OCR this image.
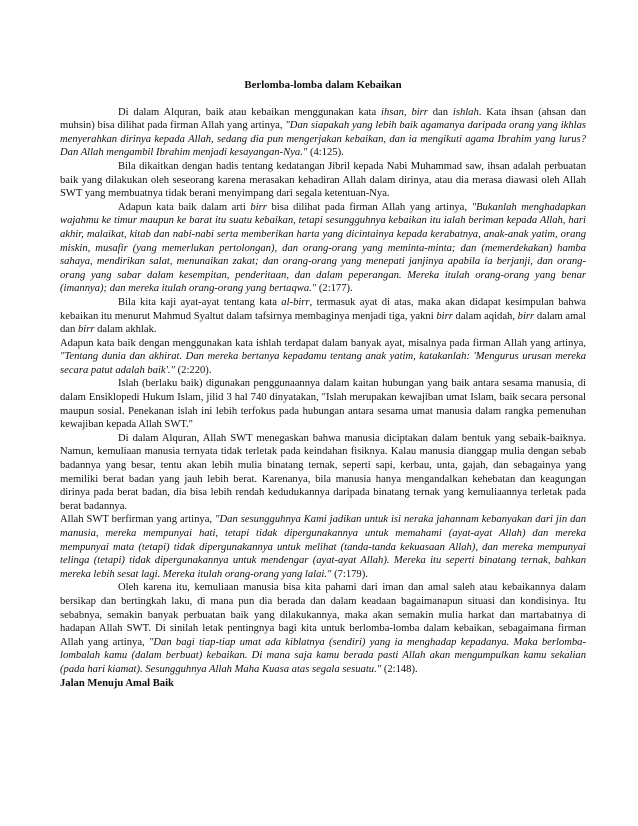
Berlomba-lomba dalam Kebaikan

Di dalam Alquran, baik atau kebaikan menggunakan kata ihsan, birr dan ishlah. Kata ihsan (ahsan dan muhsin) bisa dilihat pada firman Allah yang artinya, "Dan siapakah yang lebih baik agamanya daripada orang yang ikhlas menyerahkan dirinya kepada Allah, sedang dia pun mengerjakan kebaikan, dan ia mengikuti agama Ibrahim yang lurus? Dan Allah mengambil Ibrahim menjadi kesayangan-Nya." (4:125).

Bila dikaitkan dengan hadis tentang kedatangan Jibril kepada Nabi Muhammad saw, ihsan adalah perbuatan baik yang dilakukan oleh seseorang karena merasakan kehadiran Allah dalam dirinya, atau dia merasa diawasi oleh Allah SWT yang membuatnya tidak berani menyimpang dari segala ketentuan-Nya.

Adapun kata baik dalam arti birr bisa dilihat pada firman Allah yang artinya, "Bukanlah menghadapkan wajahmu ke timur maupun ke barat itu suatu kebaikan, tetapi sesungguhnya kebaikan itu ialah beriman kepada Allah, hari akhir, malaikat, kitab dan nabi-nabi serta memberikan harta yang dicintainya kepada kerabatnya, anak-anak yatim, orang miskin, musafir (yang memerlukan pertolongan), dan orang-orang yang meminta-minta; dan (memerdekakan) hamba sahaya, mendirikan salat, menunaikan zakat; dan orang-orang yang menepati janjinya apabila ia berjanji, dan orang-orang yang sabar dalam kesempitan, penderitaan, dan dalam peperangan. Mereka itulah orang-orang yang benar (imannya); dan mereka itulah orang-orang yang bertaqwa." (2:177).

Bila kita kaji ayat-ayat tentang kata al-birr, termasuk ayat di atas, maka akan didapat kesimpulan bahwa kebaikan itu menurut Mahmud Syaltut dalam tafsirnya membaginya menjadi tiga, yakni birr dalam aqidah, birr dalam amal dan birr dalam akhlak.

Adapun kata baik dengan menggunakan kata ishlah terdapat dalam banyak ayat, misalnya pada firman Allah yang artinya, "Tentang dunia dan akhirat. Dan mereka bertanya kepadamu tentang anak yatim, katakanlah: 'Mengurus urusan mereka secara patut adalah baik'." (2:220).

Islah (berlaku baik) digunakan penggunaannya dalam kaitan hubungan yang baik antara sesama manusia, di dalam Ensiklopedi Hukum Islam, jilid 3 hal 740 dinyatakan, "Islah merupakan kewajiban umat Islam, baik secara personal maupun sosial. Penekanan islah ini lebih terfokus pada hubungan antara sesama umat manusia dalam rangka pemenuhan kewajiban kepada Allah SWT."

Di dalam Alquran, Allah SWT menegaskan bahwa manusia diciptakan dalam bentuk yang sebaik-baiknya. Namun, kemuliaan manusia ternyata tidak terletak pada keindahan fisiknya. Kalau manusia dianggap mulia dengan sebab badannya yang besar, tentu akan lebih mulia binatang ternak, seperti sapi, kerbau, unta, gajah, dan sebagainya yang memiliki berat badan yang jauh lebih berat. Karenanya, bila manusia hanya mengandalkan kehebatan dan keagungan dirinya pada berat badan, dia bisa lebih rendah kedudukannya daripada binatang ternak yang kemuliaannya terletak pada berat badannya.

Allah SWT berfirman yang artinya, "Dan sesungguhnya Kami jadikan untuk isi neraka jahannam kebanyakan dari jin dan manusia, mereka mempunyai hati, tetapi tidak dipergunakannya untuk memahami (ayat-ayat Allah) dan mereka mempunyai mata (tetapi) tidak dipergunakannya untuk melihat (tanda-tanda kekuasaan Allah), dan mereka mempunyai telinga (tetapi) tidak dipergunakannya untuk mendengar (ayat-ayat Allah). Mereka itu seperti binatang ternak, bahkan mereka lebih sesat lagi. Mereka itulah orang-orang yang lalai." (7:179).

Oleh karena itu, kemuliaan manusia bisa kita pahami dari iman dan amal saleh atau kebaikannya dalam bersikap dan bertingkah laku, di mana pun dia berada dan dalam keadaan bagaimanapun situasi dan kondisinya. Itu sebabnya, semakin banyak perbuatan baik yang dilakukannya, maka akan semakin mulia harkat dan martabatnya di hadapan Allah SWT. Di sinilah letak pentingnya bagi kita untuk berlomba-lomba dalam kebaikan, sebagaimana firman Allah yang artinya, "Dan bagi tiap-tiap umat ada kiblatnya (sendiri) yang ia menghadap kepadanya. Maka berlomba-lombalah kamu (dalam berbuat) kebaikan. Di mana saja kamu berada pasti Allah akan mengumpulkan kamu sekalian (pada hari kiamat). Sesungguhnya Allah Maha Kuasa atas segala sesuatu." (2:148).

Jalan Menuju Amal Baik
